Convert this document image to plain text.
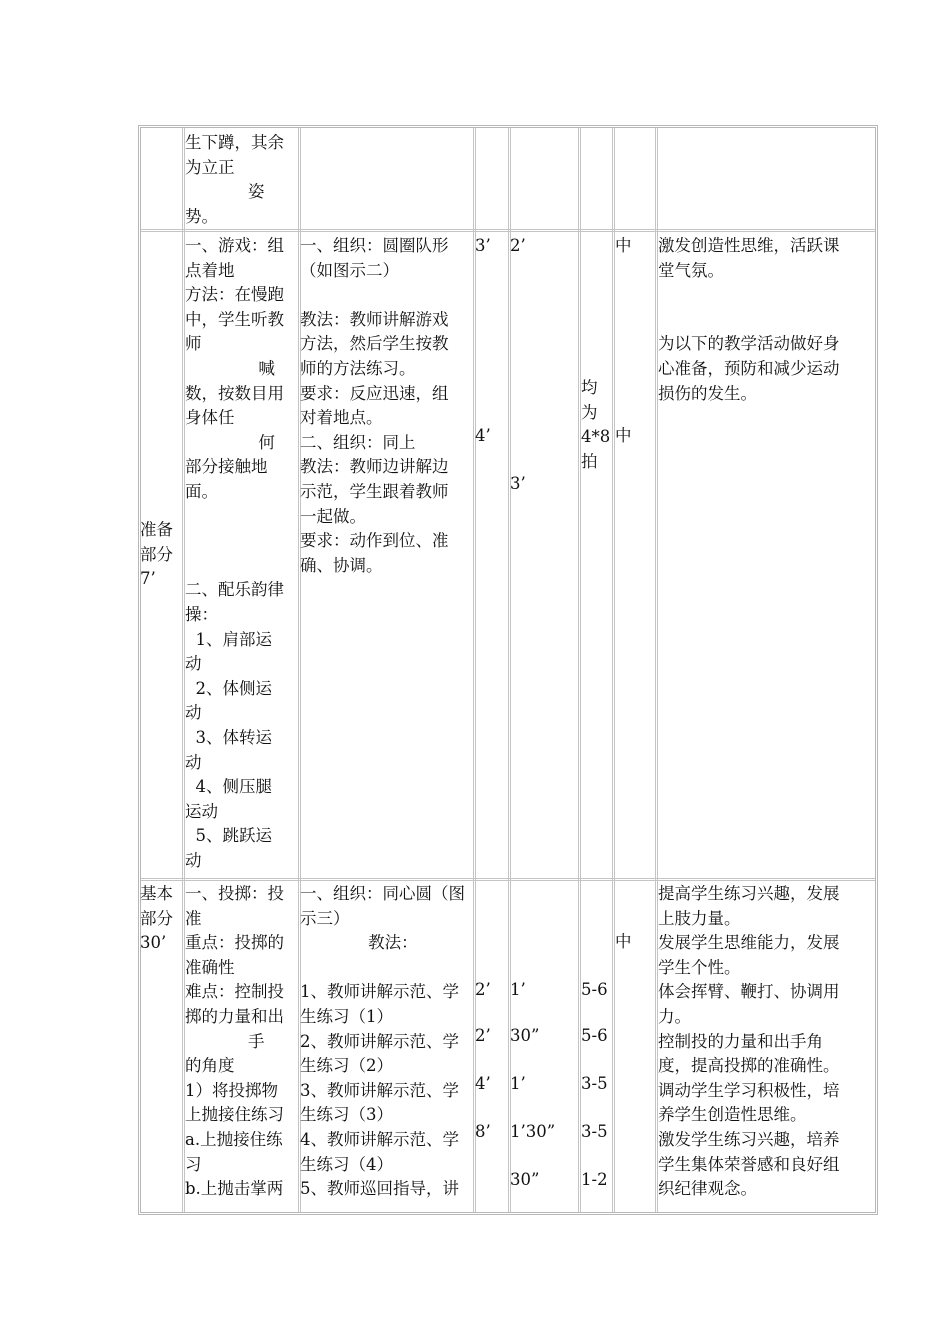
生下蹲，其余
为立正
姿
势。
准备
部分
7’
一、游戏：组
点着地
方法：在慢跑
中，学生听教
师
喊
数，按数目用
身体任
何
部分接触地
面。
二、配乐韵律
操：
1、肩部运
动
2、体侧运
动
3、体转运
动
4、侧压腿
运动
5、跳跃运
动
一、组织：圆圈队形
（如图示二）
教法：教师讲解游戏
方法，然后学生按教
师的方法练习。
要求：反应迅速，组
对着地点。
二、组织：同上
教法：教师边讲解边
示范，学生跟着教师
一起做。
要求：动作到位、准
确、协调。
3’
4’
2’
3’
均
为
4*8
拍
中
中
激发创造性思维，活跃课
堂气氛。
为以下的教学活动做好身
心准备，预防和减少运动
损伤的发生。
基本
部分
30’
一、投掷：投
准
重点：投掷的
准确性
难点：控制投
掷的力量和出
手
的角度
1）将投掷物
上抛接住练习
a.上抛接住练
习
b.上抛击掌两
一、组织：同心圆（图
示三）
教法：
1、教师讲解示范、学
生练习（1）
2、教师讲解示范、学
生练习（2）
3、教师讲解示范、学
生练习（3）
4、教师讲解示范、学
生练习（4）
5、教师巡回指导，讲
2’
2’
4’
8’
1’
30”
1’
1’30”
30”
5-6
5-6
3-5
3-5
1-2
中
提高学生练习兴趣，发展
上肢力量。
发展学生思维能力，发展
学生个性。
体会挥臂、鞭打、协调用
力。
控制投的力量和出手角
度，提高投掷的准确性。
调动学生学习积极性，培
养学生创造性思维。
激发学生练习兴趣，培养
学生集体荣誉感和良好组
织纪律观念。
